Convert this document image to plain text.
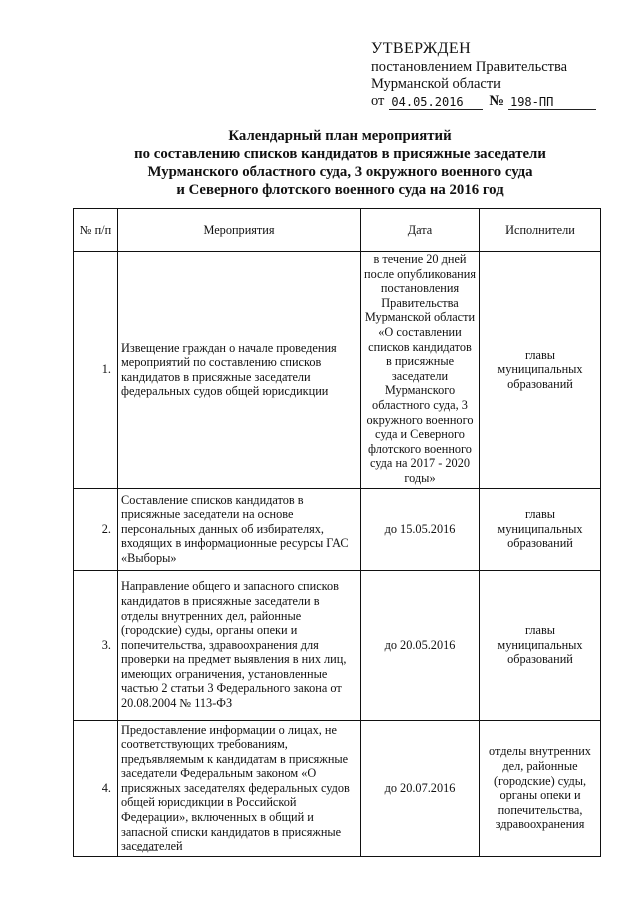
УТВЕРЖДЕН
постановлением Правительства
Мурманской области
от 04.05.2016	№ 198-ПП
Календарный план мероприятий
по составлению списков кандидатов в присяжные заседатели
Мурманского областного суда, 3 окружного военного суда
и Северного флотского военного суда на 2016 год
№ п/п	Мероприятия	Дата	Исполнители
1.	Извещение граждан о начале проведения мероприятий по составлению списков кандидатов в присяжные заседатели федеральных судов общей юрисдикции	в течение 20 дней после опубликования постановления Правительства Мурманской области «О составлении списков кандидатов в присяжные заседатели Мурманского областного суда, 3 окружного военного суда и Северного флотского военного суда на 2017 - 2020 годы»	главы муниципальных образований
2.	Составление списков кандидатов в присяжные заседатели на основе персональных данных об избирателях, входящих в информационные ресурсы ГАС «Выборы»	до 15.05.2016	главы муниципальных образований
3.	Направление общего и запасного списков кандидатов в присяжные заседатели в отделы внутренних дел, районные (городские) суды, органы опеки и попечительства, здравоохранения для проверки на предмет выявления в них лиц, имеющих ограничения, установленные частью 2 статьи 3 Федерального закона от 20.08.2004 № 113-ФЗ	до 20.05.2016	главы муниципальных образований
4.	Предоставление информации о лицах, не соответствующих требованиям, предъявляемым к кандидатам в присяжные заседатели Федеральным законом «О присяжных заседателях федеральных судов общей юрисдикции в Российской Федерации», включенных в общий и запасной списки кандидатов в присяжные заседателей	до 20.07.2016	отделы внутренних дел, районные (городские) суды, органы опеки и попечительства, здравоохранения
